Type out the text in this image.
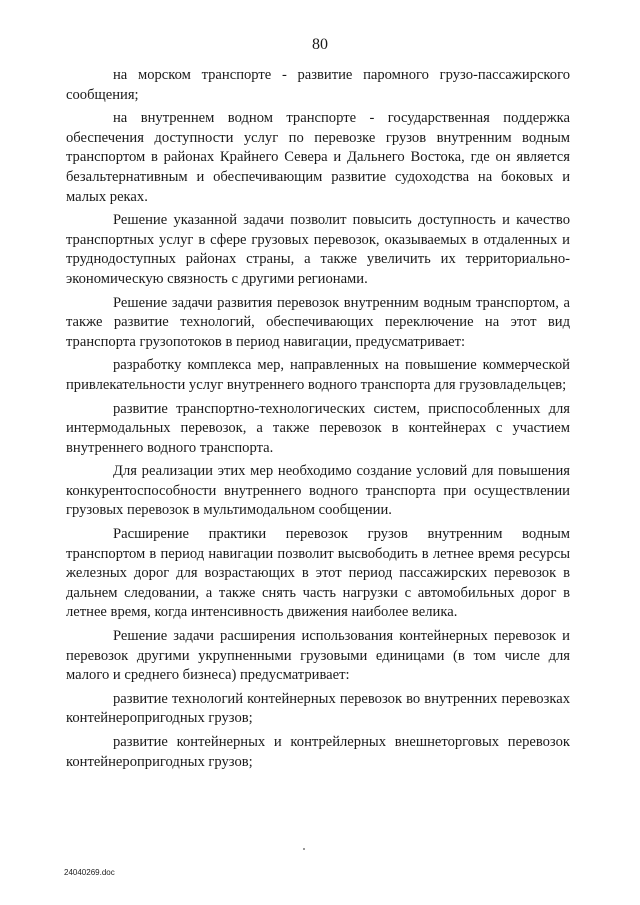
80

на морском транспорте - развитие паромного грузо-пассажирского сообщения;

на внутреннем водном транспорте - государственная поддержка обеспечения доступности услуг по перевозке грузов внутренним водным транспортом в районах Крайнего Севера и Дальнего Востока, где он является безальтернативным и обеспечивающим развитие судоходства на боковых и малых реках.

Решение указанной задачи позволит повысить доступность и качество транспортных услуг в сфере грузовых перевозок, оказываемых в отдаленных и труднодоступных районах страны, а также увеличить их территориально-экономическую связность с другими регионами.

Решение задачи развития перевозок внутренним водным транспортом, а также развитие технологий, обеспечивающих переключение на этот вид транспорта грузопотоков в период навигации, предусматривает:

разработку комплекса мер, направленных на повышение коммерческой привлекательности услуг внутреннего водного транспорта для грузовладельцев;

развитие транспортно-технологических систем, приспособленных для интермодальных перевозок, а также перевозок в контейнерах с участием внутреннего водного транспорта.

Для реализации этих мер необходимо создание условий для повышения конкурентоспособности внутреннего водного транспорта при осуществлении грузовых перевозок в мультимодальном сообщении.

Расширение практики перевозок грузов внутренним водным транспортом в период навигации позволит высвободить в летнее время ресурсы железных дорог для возрастающих в этот период пассажирских перевозок в дальнем следовании, а также снять часть нагрузки с автомобильных дорог в летнее время, когда интенсивность движения наиболее велика.

Решение задачи расширения использования контейнерных перевозок и перевозок другими укрупненными грузовыми единицами (в том числе для малого и среднего бизнеса) предусматривает:

развитие технологий контейнерных перевозок во внутренних перевозках контейнеропригодных грузов;

развитие контейнерных и контрейлерных внешнеторговых перевозок контейнеропригодных грузов;

24040269.doc
